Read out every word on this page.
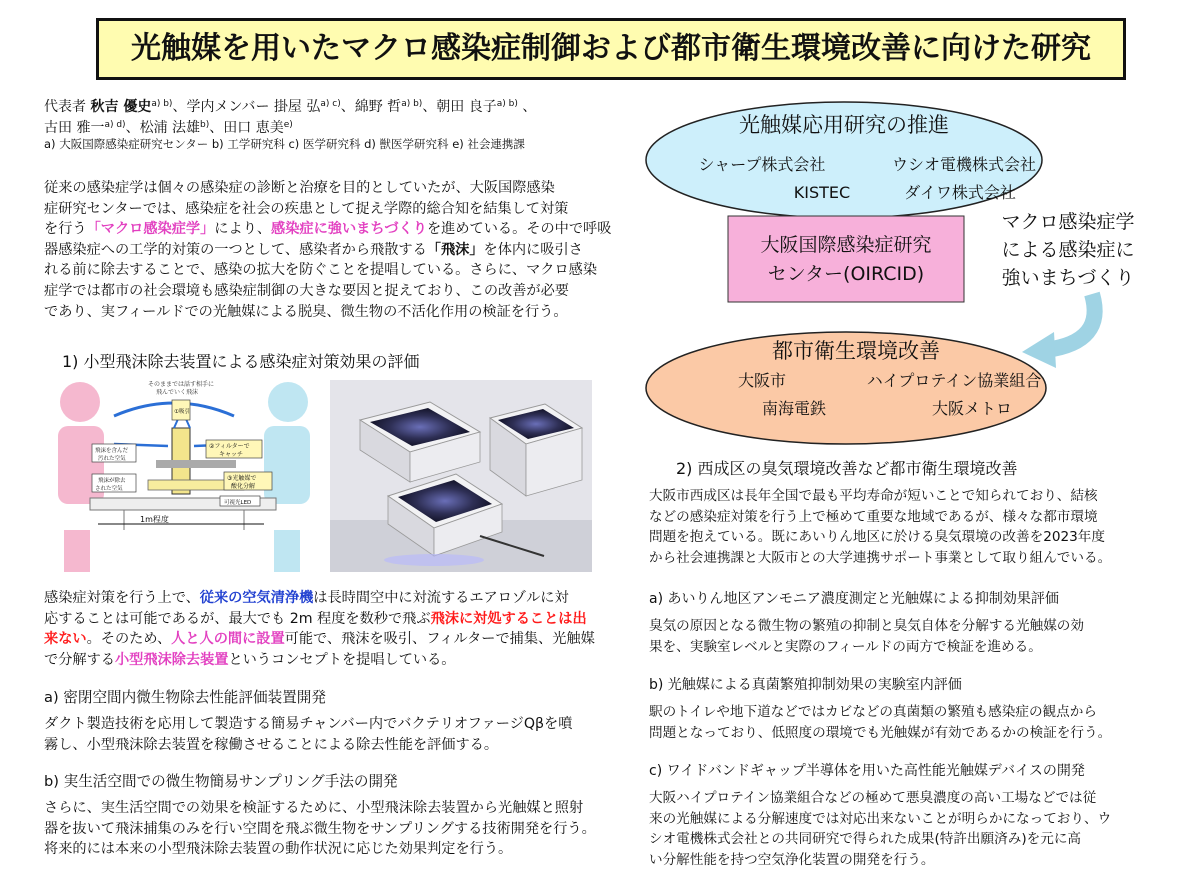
光触媒を用いたマクロ感染症制御および都市衛生環境改善に向けた研究
代表者 秋吉 優史$^{a) b)}$、学内メンバー 掛屋 弘$^{a) c)}$、綿野 哲$^{a) b)}$、朝田 良子$^{a) b)}$ 、
古田 雅一$^{a) d)}$、松浦 法雄$^{b)}$、田口 恵美$^{e)}$
a) 大阪国際感染症研究センター b) 工学研究科 c) 医学研究科 d) 獣医学研究科 e) 社会連携課

従来の感染症学は個々の感染症の診断と治療を目的としていたが、大阪国際感染

症研究センターでは、感染症を社会の疾患として捉え学際的総合知を結集して対策

を行う「マクロ感染症学」により、感染症に強いまちづくりを進めている。その中で呼吸

器感染症への工学的対策の一つとして、感染者から飛散する「飛沫」を体内に吸引さ

れる前に除去することで、感染の拡大を防ぐことを提唱している。さらに、マクロ感染

症学では都市の社会環境も感染症制御の大きな要因と捉えており、この改善が必要

であり、実フィールドでの光触媒による脱臭、微生物の不活化作用の検証を行う。

1) 小型飛沫除去装置による感染症対策効果の評価
そのままでは話す相手に
飛んでいく飛沫
①吸引
②フィルターで
キャッチ
③光触媒で
酸化分解
飛沫を含んだ
汚れた空気
飛沫が除去
された空気
可視光LED
1m程度

感染症対策を行う上で、従来の空気清浄機は長時間空中に対流するエアロゾルに対

応することは可能であるが、最大でも 2m 程度を数秒で飛ぶ飛沫に対処することは出

来ない。そのため、人と人の間に設置可能で、飛沫を吸引、フィルターで捕集、光触媒

で分解する小型飛沫除去装置というコンセプトを提唱している。

a) 密閉空間内微生物除去性能評価装置開発

ダクト製造技術を応用して製造する簡易チャンバー内でバクテリオファージQβを噴

霧し、小型飛沫除去装置を稼働させることによる除去性能を評価する。

b) 実生活空間での微生物簡易サンプリング手法の開発

さらに、実生活空間での効果を検証するために、小型飛沫除去装置から光触媒と照射

器を抜いて飛沫捕集のみを行い空間を飛ぶ微生物をサンプリングする技術開発を行う。

将来的には本来の小型飛沫除去装置の動作状況に応じた効果判定を行う。

光触媒応用研究の推進
シャープ株式会社	ウシオ電機株式会社
KISTEC	ダイワ株式会社
大阪国際感染症研究
センター(OIRCID)
マクロ感染症学
による感染症に
強いまちづくり
都市衛生環境改善
大阪市	ハイプロテイン協業組合
南海電鉄	大阪メトロ
2) 西成区の臭気環境改善など都市衛生環境改善

大阪市西成区は長年全国で最も平均寿命が短いことで知られており、結核

などの感染症対策を行う上で極めて重要な地域であるが、様々な都市環境

問題を抱えている。既にあいりん地区に於ける臭気環境の改善を2023年度

から社会連携課と大阪市との大学連携サポート事業として取り組んでいる。

a) あいりん地区アンモニア濃度測定と光触媒による抑制効果評価

臭気の原因となる微生物の繁殖の抑制と臭気自体を分解する光触媒の効

果を、実験室レベルと実際のフィールドの両方で検証を進める。

b) 光触媒による真菌繁殖抑制効果の実験室内評価

駅のトイレや地下道などではカビなどの真菌類の繁殖も感染症の観点から

問題となっており、低照度の環境でも光触媒が有効であるかの検証を行う。

c) ワイドバンドギャップ半導体を用いた高性能光触媒デバイスの開発

大阪ハイプロテイン協業組合などの極めて悪臭濃度の高い工場などでは従

来の光触媒による分解速度では対応出来ないことが明らかになっており、ウ

シオ電機株式会社との共同研究で得られた成果(特許出願済み)を元に高

い分解性能を持つ空気浄化装置の開発を行う。
